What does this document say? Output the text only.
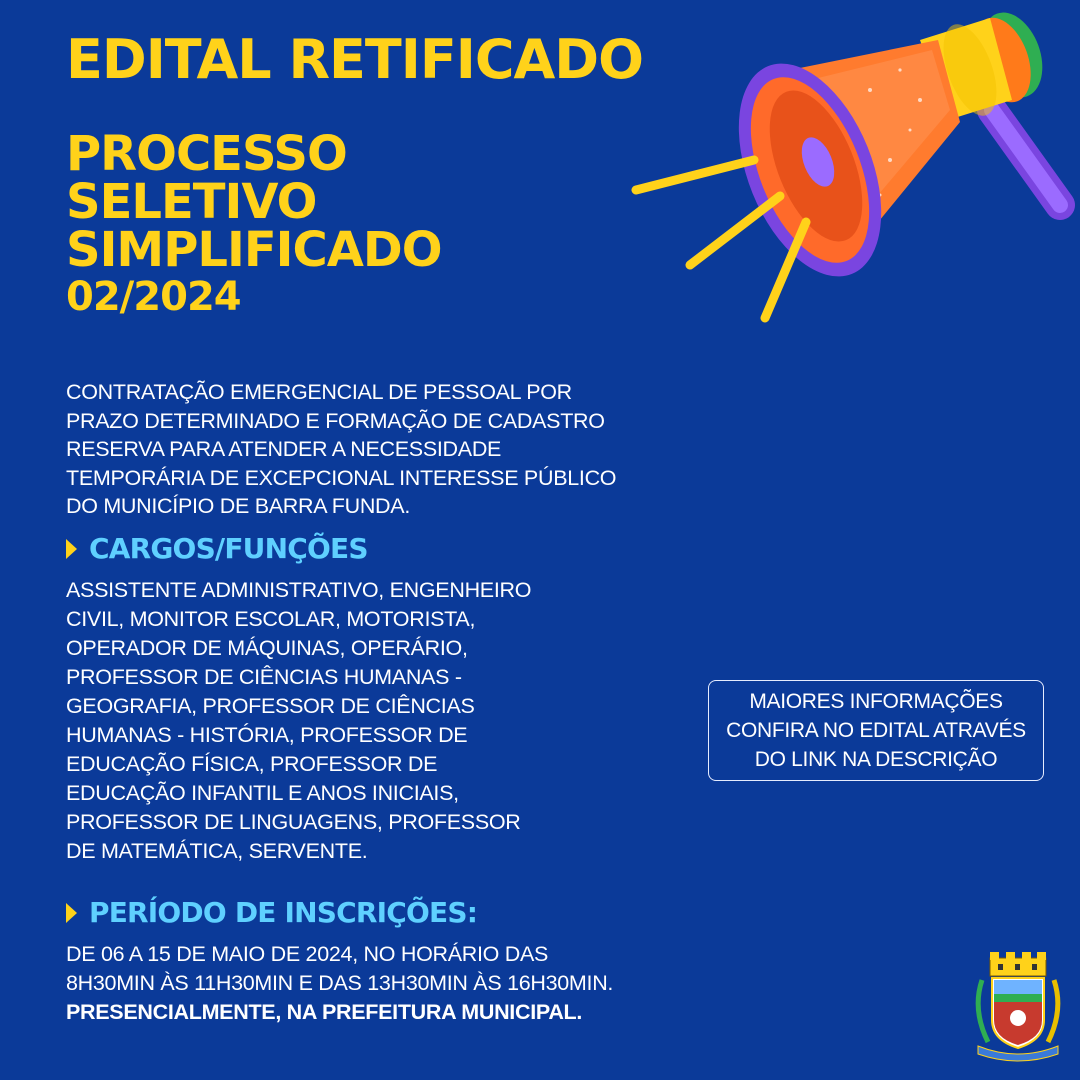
EDITAL RETIFICADO
PROCESSO
SELETIVO
SIMPLIFICADO
02/2024
CONTRATAÇÃO EMERGENCIAL DE PESSOAL POR
PRAZO DETERMINADO E FORMAÇÃO DE CADASTRO
RESERVA PARA ATENDER A NECESSIDADE
TEMPORÁRIA DE EXCEPCIONAL INTERESSE PÚBLICO
DO MUNICÍPIO DE BARRA FUNDA.
CARGOS/FUNÇÕES
ASSISTENTE ADMINISTRATIVO, ENGENHEIRO
CIVIL, MONITOR ESCOLAR, MOTORISTA,
OPERADOR DE MÁQUINAS, OPERÁRIO,
PROFESSOR DE CIÊNCIAS HUMANAS -
GEOGRAFIA, PROFESSOR DE CIÊNCIAS
HUMANAS - HISTÓRIA, PROFESSOR DE
EDUCAÇÃO FÍSICA, PROFESSOR DE
EDUCAÇÃO INFANTIL E ANOS INICIAIS,
PROFESSOR DE LINGUAGENS, PROFESSOR
DE MATEMÁTICA, SERVENTE.
PERÍODO DE INSCRIÇÕES:
DE 06 A 15 DE MAIO DE 2024, NO HORÁRIO DAS
8H30MIN ÀS 11H30MIN E DAS 13H30MIN ÀS 16H30MIN.
PRESENCIALMENTE, NA PREFEITURA MUNICIPAL.
MAIORES INFORMAÇÕES
CONFIRA NO EDITAL ATRAVÉS
DO LINK NA DESCRIÇÃO
